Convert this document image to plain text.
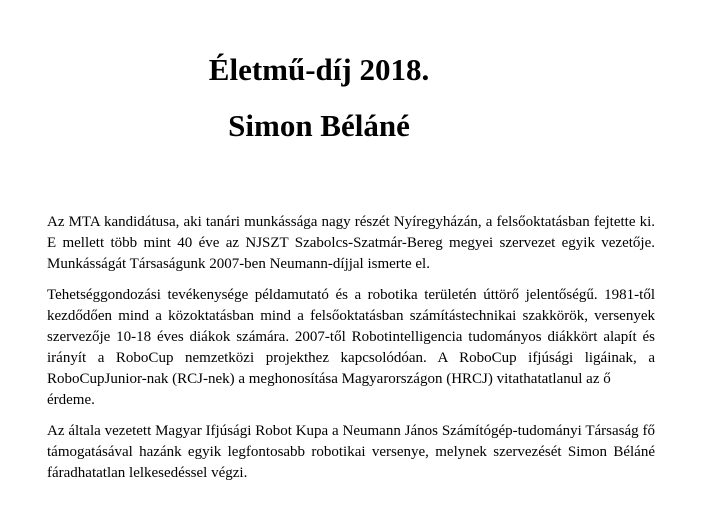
Életmű-díj 2018.
Simon Béláné
Az MTA kandidátusa, aki tanári munkássága nagy részét Nyíregyházán, a felsőoktatásban fejtette ki.
E mellett több mint 40 éve az NJSZT Szabolcs-Szatmár-Bereg megyei szervezet egyik vezetője.
Munkásságát Társaságunk 2007-ben Neumann-díjjal ismerte el.
Tehetséggondozási tevékenysége példamutató és a robotika területén úttörő jelentőségű. 1981-től
kezdődően mind a közoktatásban mind a felsőoktatásban számítástechnikai szakkörök, versenyek
szervezője 10-18 éves diákok számára. 2007-től Robotintelligencia tudományos diákkört alapít és
irányít a RoboCup nemzetközi projekthez kapcsolódóan. A RoboCup ifjúsági ligáinak, a
RoboCupJunior-nak (RCJ-nek) a meghonosítása Magyarországon (HRCJ) vitathatatlanul az ő érdeme.
Az általa vezetett Magyar Ifjúsági Robot Kupa a Neumann János Számítógép-tudományi Társaság fő
támogatásával hazánk egyik legfontosabb robotikai versenye, melynek szervezését Simon Béláné
fáradhatatlan lelkesedéssel végzi.
